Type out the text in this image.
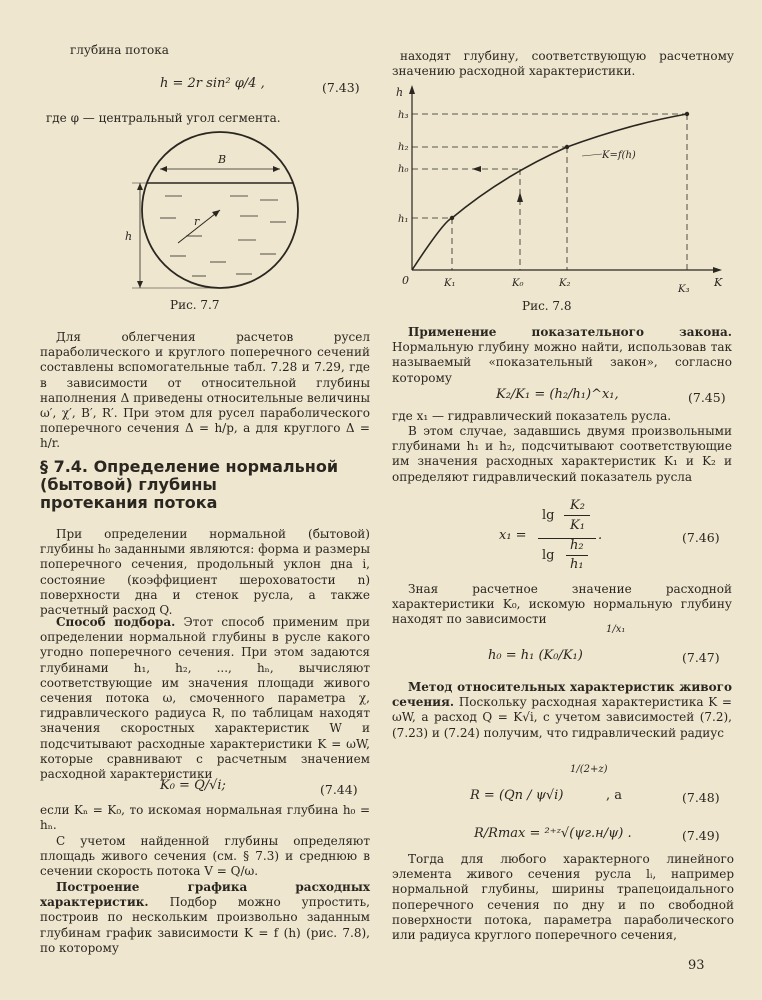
глубина потока
h = 2r sin² φ/4 ,	(7.43)
где φ — центральный угол сегмента.
B
h
r
Рис. 7.7
Для облегчения расчетов русел параболического и круглого поперечного сечений составлены вспомогательные табл. 7.28 и 7.29, где в зависимости от относительной глубины наполнения Δ приведены относительные величины ω′, χ′, B′, R′. При этом для русел параболического поперечного сечения Δ = h/p, а для круглого Δ = h/r.
§ 7.4. Определение нормальной
(бытовой) глубины
протекания потока
При определении нормальной (бытовой) глубины h₀ заданными являются: форма и размеры поперечного сечения, продольный уклон дна i, состояние (коэффициент шероховатости n) поверхности дна и стенок русла, а также расчетный расход Q.
Способ подбора. Этот способ применим при определении нормальной глубины в русле какого угодно поперечного сечения. При этом задаются глубинами h₁, h₂, ..., hₙ, вычисляют соответствующие им значения площади живого сечения потока ω, смоченного параметра χ, гидравлического радиуса R, по таблицам находят значения скоростных характеристик W и подсчитывают расходные характеристики K = ωW, которые сравнивают с расчетным значением расходной характеристики
K₀ = Q/√i;	(7.44)
если Kₙ = K₀, то искомая нормальная глубина h₀ = hₙ.
С учетом найденной глубины определяют площадь живого сечения (см. § 7.3) и среднюю в сечении скорость потока V = Q/ω.
Построение графика расходных характеристик. Подбор можно упростить, построив по нескольким произвольно заданным глубинам график зависимости K = f (h) (рис. 7.8), по которому
находят глубину, соответствующую расчетному значению расходной характеристики.
h
K
0
h₃
h₂
h₀
h₁
K₁	K₀	K₂
K₃
K=f(h)
Рис. 7.8
Применение показательного закона. Нормальную глубину можно найти, использовав так называемый «показательный закон», согласно которому
K₂/K₁ = (h₂/h₁)^x₁,	(7.45)
где x₁ — гидравлический показатель русла.
В этом случае, задавшись двумя произвольными глубинами h₁ и h₂, подсчитывают соответствующие им значения расходных характеристик K₁ и K₂ и определяют гидравлический показатель русла
x₁ =
lg
K₂
K₁
lg
h₂
h₁
.	(7.46)
Зная расчетное значение расходной характеристики K₀, искомую нормальную глубину находят по зависимости
h₀ = h₁ (K₀/K₁)
1/x₁
(7.47)
Метод относительных характеристик живого сечения. Поскольку расходная характеристика K = ωW, а расход Q = K√i, с учетом зависимостей (7.2), (7.23) и (7.24) получим, что гидравлический радиус
R = (Qn / ψ√i)
1/(2+z)
, а	(7.48)
R/Rmax = ²⁺ᶻ√(ψг.н/ψ) .	(7.49)
Тогда для любого характерного линейного элемента живого сечения русла lᵢ, например нормальной глубины, ширины трапецоидального поперечного сечения по дну и по свободной поверхности потока, параметра параболического или радиуса круглого поперечного сечения,
93
